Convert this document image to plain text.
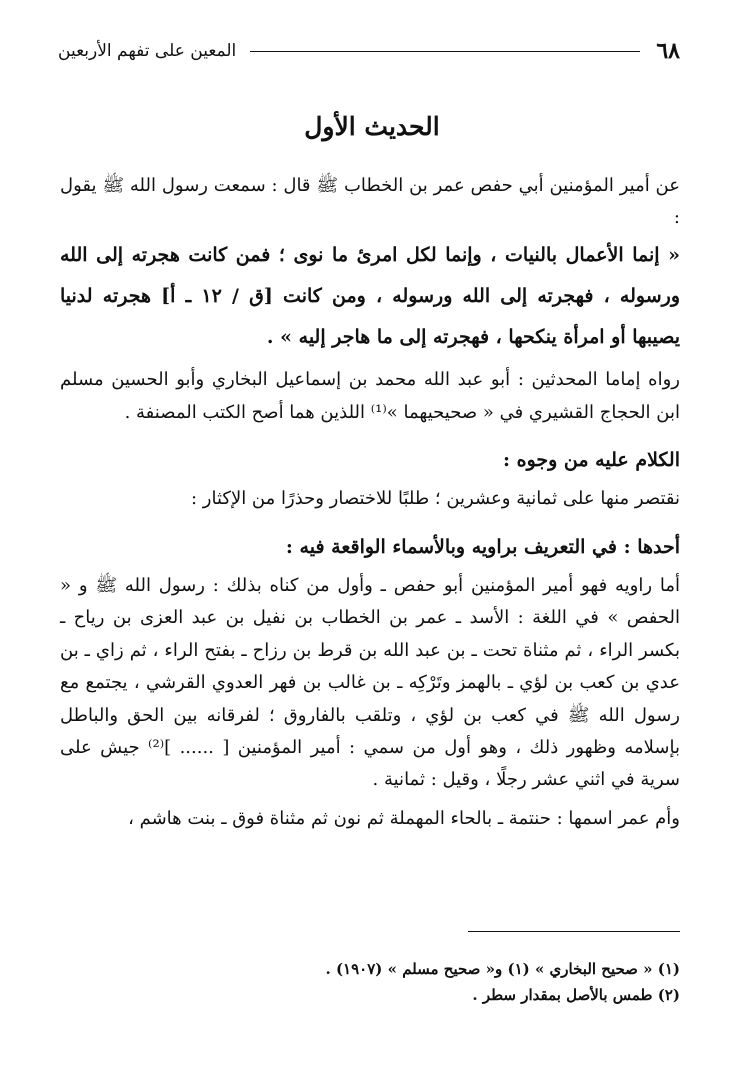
٦٨
المعين على تفهم الأربعين
الحديث الأول

عن أمير المؤمنين أبي حفص عمر بن الخطاب ﷺ قال : سمعت رسول الله ﷺ يقول :

« إنما الأعمال بالنيات ، وإنما لكل امرئ ما نوى ؛ فمن كانت هجرته إلى الله ورسوله ، فهجرته إلى الله ورسوله ، ومن كانت [ق / ١٢ ـ أ] هجرته لدنيا يصيبها أو امرأة ينكحها ، فهجرته إلى ما هاجر إليه » .

رواه إماما المحدثين : أبو عبد الله محمد بن إسماعيل البخاري وأبو الحسين مسلم ابن الحجاج القشيري في « صحيحيهما »⁽¹⁾ اللذين هما أصح الكتب المصنفة .

الكلام عليه من وجوه :

نقتصر منها على ثمانية وعشرين ؛ طلبًا للاختصار وحذرًا من الإكثار :

أحدها : في التعريف براويه وبالأسماء الواقعة فيه :

أما راويه فهو أمير المؤمنين أبو حفص ـ وأول من كناه بذلك : رسول الله ﷺ و « الحفص » في اللغة : الأسد ـ عمر بن الخطاب بن نفيل بن عبد العزى بن رياح ـ بكسر الراء ، ثم مثناة تحت ـ بن عبد الله بن قرط بن رزاح ـ بفتح الراء ، ثم زاي ـ بن عدي بن كعب بن لؤي ـ بالهمز وتَرْكِه ـ بن غالب بن فهر العدوي القرشي ، يجتمع مع رسول الله ﷺ في كعب بن لؤي ، وتلقب بالفاروق ؛ لفرقانه بين الحق والباطل بإسلامه وظهور ذلك ، وهو أول من سمي : أمير المؤمنين [ ...... ]⁽²⁾ جيش على سرية في اثني عشر رجلًا ، وقيل : ثمانية .

وأم عمر اسمها : حنتمة ـ بالحاء المهملة ثم نون ثم مثناة فوق ـ بنت هاشم ،

(١) « صحيح البخاري » (١) و« صحيح مسلم » (١٩٠٧) .

(٢) طمس بالأصل بمقدار سطر .
